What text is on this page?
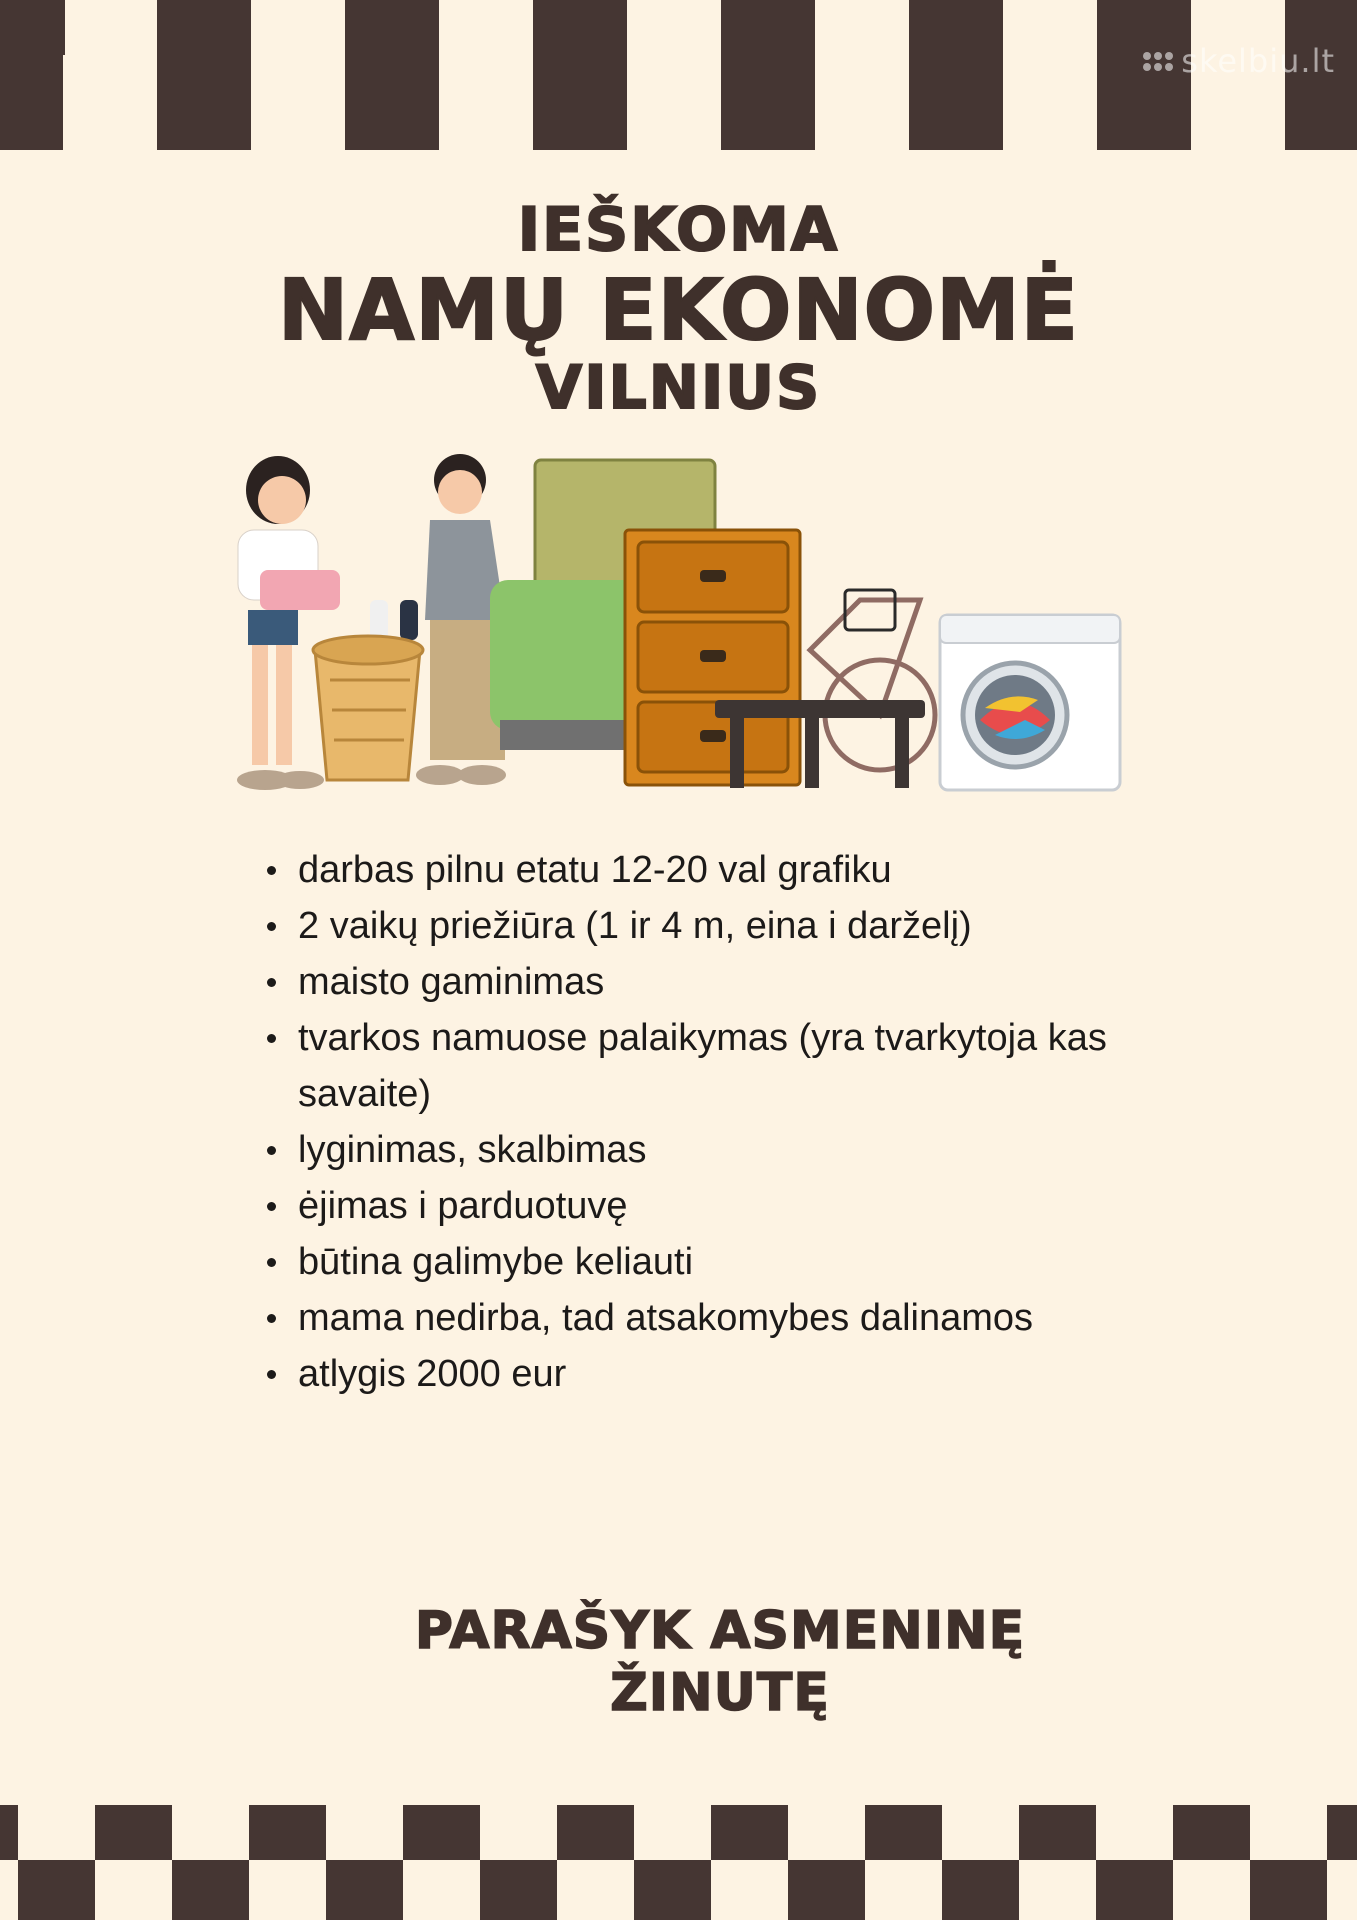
skelbiu.lt
IEŠKOMA
NAMŲ EKONOMĖ
VILNIUS
darbas pilnu etatu 12-20 val grafiku
2 vaikų priežiūra (1 ir 4 m, eina i darželį)
maisto gaminimas
tvarkos namuose palaikymas (yra tvarkytoja kas savaite)
lyginimas, skalbimas
ėjimas i parduotuvę
būtina galimybe keliauti
mama nedirba, tad atsakomybes dalinamos
atlygis 2000 eur
PARAŠYK ASMENINĘ
ŽINUTĘ
